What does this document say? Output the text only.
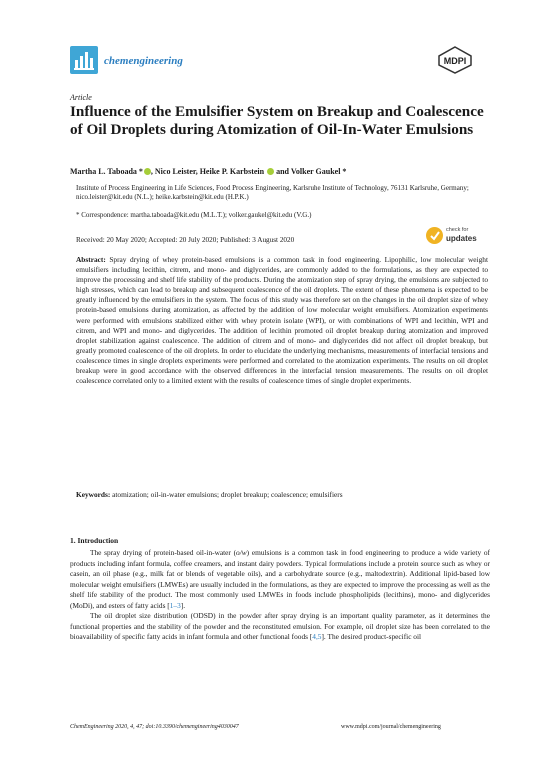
chemengineering	MDPI
Article
Influence of the Emulsifier System on Breakup and Coalescence of Oil Droplets during Atomization of Oil-In-Water Emulsions
Martha L. Taboada * , Nico Leister, Heike P. Karbstein and Volker Gaukel *
Institute of Process Engineering in Life Sciences, Food Process Engineering, Karlsruhe Institute of Technology, 76131 Karlsruhe, Germany; nico.leister@kit.edu (N.L.); heike.karbstein@kit.edu (H.P.K.)
* Correspondence: martha.taboada@kit.edu (M.L.T.); volker.gaukel@kit.edu (V.G.)
check for
updates
Received: 20 May 2020; Accepted: 20 July 2020; Published: 3 August 2020
Abstract: Spray drying of whey protein-based emulsions is a common task in food engineering. Lipophilic, low molecular weight emulsifiers including lecithin, citrem, and mono- and diglycerides, are commonly added to the formulations, as they are expected to improve the processing and shelf life stability of the products. During the atomization step of spray drying, the emulsions are subjected to high stresses, which can lead to breakup and subsequent coalescence of the oil droplets. The extent of these phenomena is expected to be greatly influenced by the emulsifiers in the system. The focus of this study was therefore set on the changes in the oil droplet size of whey protein-based emulsions during atomization, as affected by the addition of low molecular weight emulsifiers. Atomization experiments were performed with emulsions stabilized either with whey protein isolate (WPI), or with combinations of WPI and lecithin, WPI and citrem, and WPI and mono- and diglycerides. The addition of lecithin promoted oil droplet breakup during atomization and improved droplet stabilization against coalescence. The addition of citrem and of mono- and diglycerides did not affect oil droplet breakup, but greatly promoted coalescence of the oil droplets. In order to elucidate the underlying mechanisms, measurements of interfacial tensions and coalescence times in single droplets experiments were performed and correlated to the atomization experiments. The results on oil droplet breakup were in good accordance with the observed differences in the interfacial tension measurements. The results on oil droplet coalescence correlated only to a limited extent with the results of coalescence times of single droplet experiments.
Keywords: atomization; oil-in-water emulsions; droplet breakup; coalescence; emulsifiers
1. Introduction

The spray drying of protein-based oil-in-water (o/w) emulsions is a common task in food engineering to produce a wide variety of products including infant formula, coffee creamers, and instant dairy powders. Typical formulations include a protein source such as whey or casein, an oil phase (e.g., milk fat or blends of vegetable oils), and a carbohydrate source (e.g., maltodextrin). Additional lipid-based low molecular weight emulsifiers (LMWEs) are usually included in the formulations, as they are expected to improve the processing as well as the shelf life stability of the product. The most commonly used LMWEs in foods include phospholipids (lecithins), mono- and diglycerides (MoDi), and esters of fatty acids [1–3].

The oil droplet size distribution (ODSD) in the powder after spray drying is an important quality parameter, as it determines the functional properties and the stability of the powder and the reconstituted emulsion. For example, oil droplet size has been correlated to the bioavailability of specific fatty acids in infant formula and other functional foods [4,5]. The desired product-specific oil

ChemEngineering 2020, 4, 47; doi:10.3390/chemengineering4030047	www.mdpi.com/journal/chemengineering
